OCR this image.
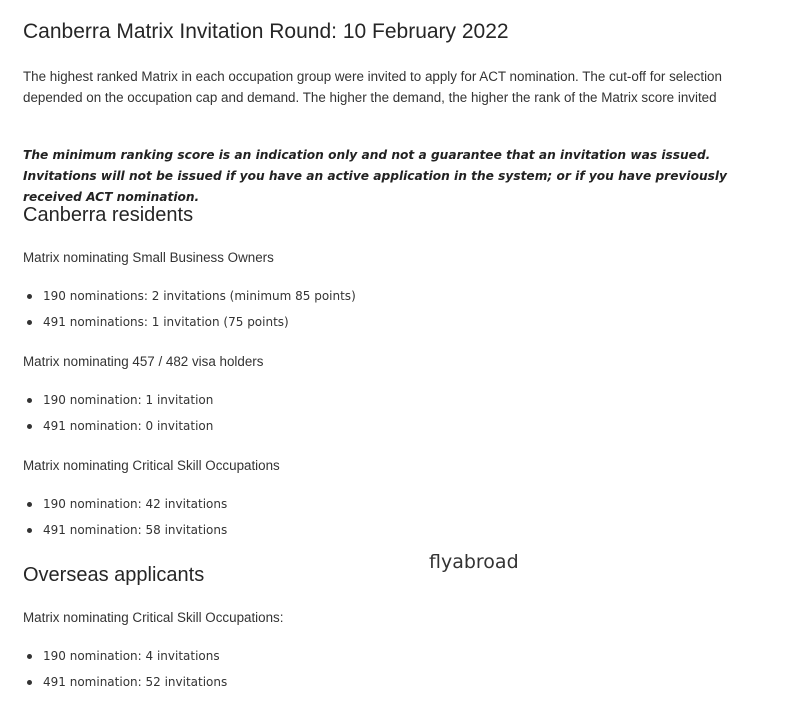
Canberra Matrix Invitation Round: 10 February 2022
The highest ranked Matrix in each occupation group were invited to apply for ACT nomination. The cut-off for selection depended on the occupation cap and demand. The higher the demand, the higher the rank of the Matrix score invited
The minimum ranking score is an indication only and not a guarantee that an invitation was issued. Invitations will not be issued if you have an active application in the system; or if you have previously received ACT nomination.
Canberra residents
Matrix nominating Small Business Owners
190 nominations: 2 invitations (minimum 85 points)
491 nominations: 1 invitation (75 points)
Matrix nominating 457 / 482 visa holders
190 nomination: 1 invitation
491 nomination: 0 invitation
Matrix nominating Critical Skill Occupations
190 nomination: 42 invitations
491 nomination: 58 invitations
Overseas applicants
Matrix nominating Critical Skill Occupations:
190 nomination: 4 invitations
491 nomination: 52 invitations
flyabroad
